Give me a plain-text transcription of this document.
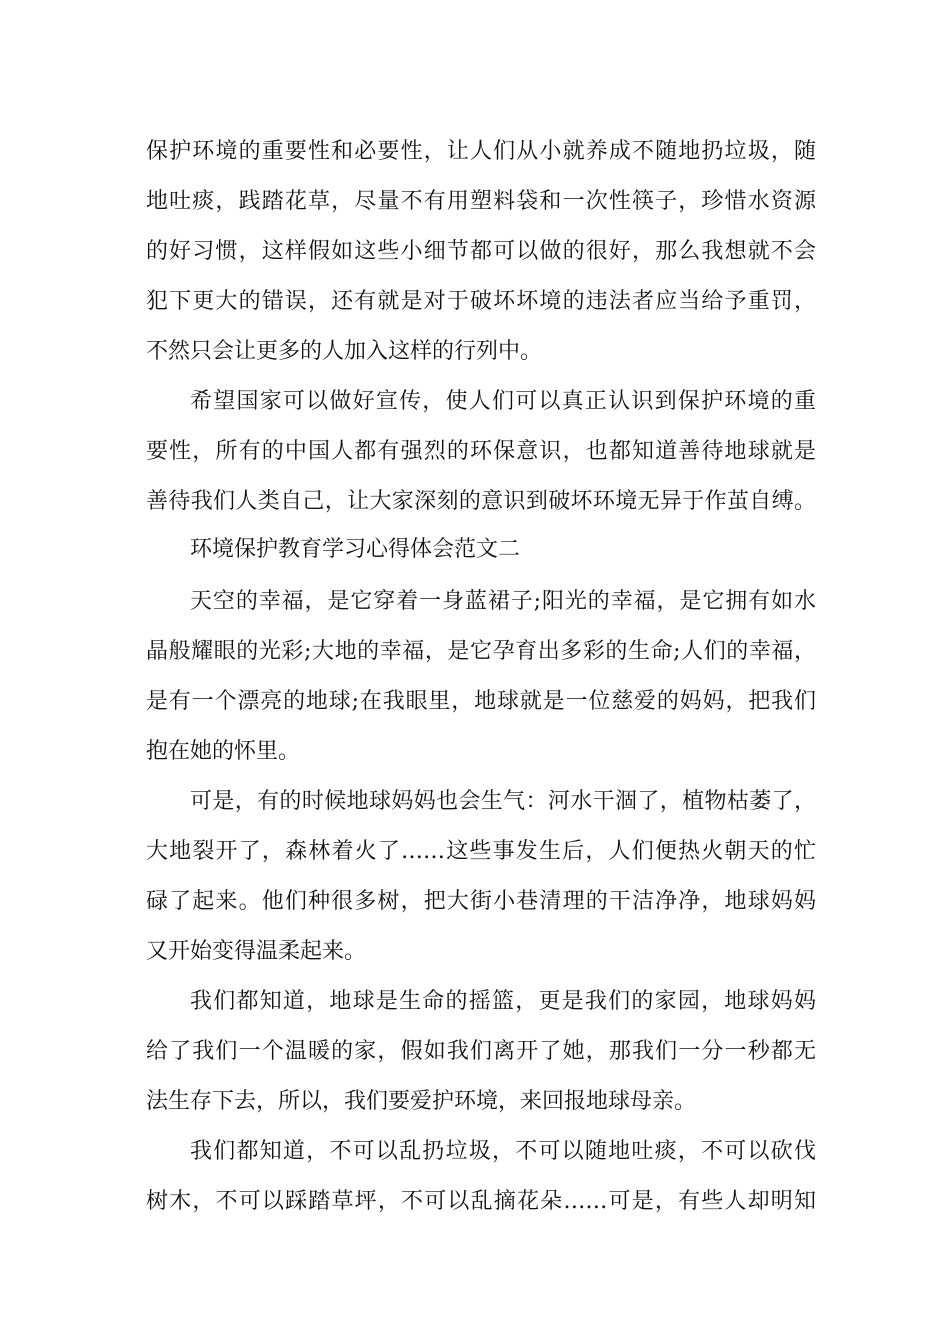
保护环境的重要性和必要性，让人们从小就养成不随地扔垃圾，随
地吐痰，践踏花草，尽量不有用塑料袋和一次性筷子，珍惜水资源
的好习惯，这样假如这些小细节都可以做的很好，那么我想就不会
犯下更大的错误，还有就是对于破坏坏境的违法者应当给予重罚，
不然只会让更多的人加入这样的行列中。
希望国家可以做好宣传，使人们可以真正认识到保护环境的重
要性，所有的中国人都有强烈的环保意识，也都知道善待地球就是
善待我们人类自己，让大家深刻的意识到破坏环境无异于作茧自缚。
环境保护教育学习心得体会范文二
天空的幸福，是它穿着一身蓝裙子;阳光的幸福，是它拥有如水
晶般耀眼的光彩;大地的幸福，是它孕育出多彩的生命;人们的幸福，
是有一个漂亮的地球;在我眼里，地球就是一位慈爱的妈妈，把我们
抱在她的怀里。
可是，有的时候地球妈妈也会生气：河水干涸了，植物枯萎了，
大地裂开了，森林着火了……这些事发生后，人们便热火朝天的忙
碌了起来。他们种很多树，把大街小巷清理的干洁净净，地球妈妈
又开始变得温柔起来。
我们都知道，地球是生命的摇篮，更是我们的家园，地球妈妈
给了我们一个温暖的家，假如我们离开了她，那我们一分一秒都无
法生存下去，所以，我们要爱护环境，来回报地球母亲。
我们都知道，不可以乱扔垃圾，不可以随地吐痰，不可以砍伐
树木，不可以踩踏草坪，不可以乱摘花朵……可是，有些人却明知
